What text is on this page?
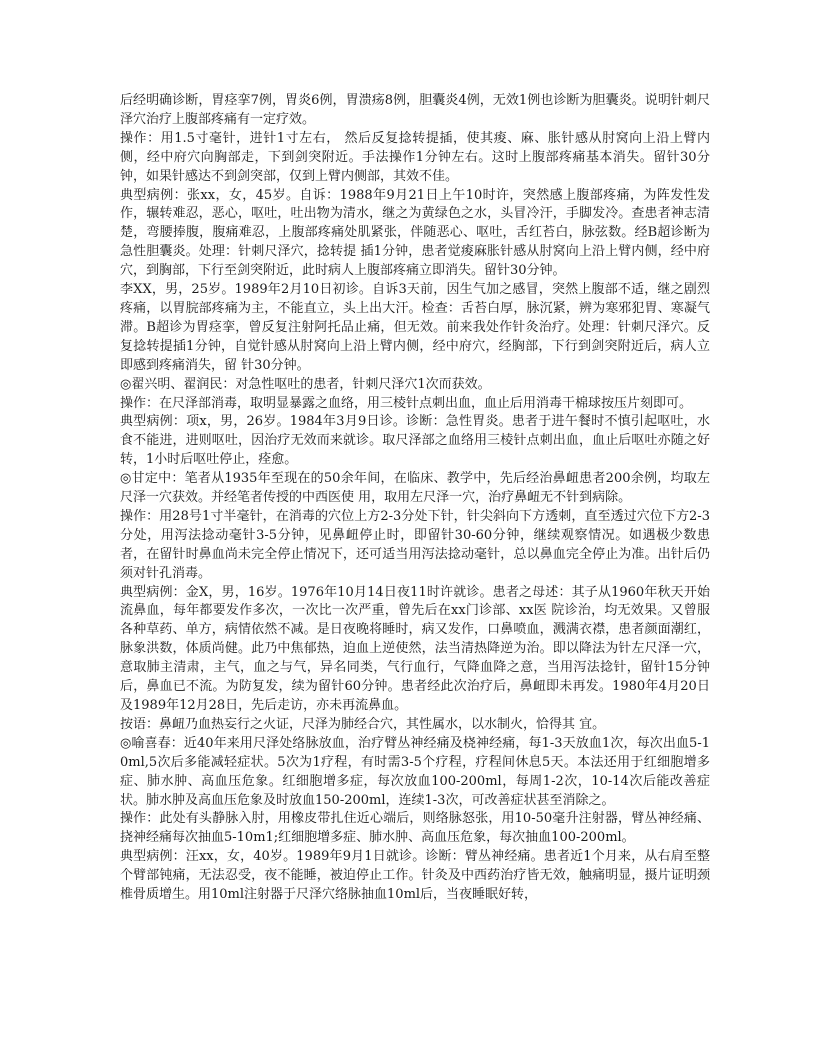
后经明确诊断，胃痉挛7例，胃炎6例，胃溃疡8例，胆囊炎4例，无效1例也诊断为胆囊炎。说明针刺尺泽穴治疗上腹部疼痛有一定疗效。

操作：用1.5寸毫针，进针1寸左右， 然后反复捻转提插，使其痠、麻、胀针感从肘窝向上沿上臂内侧，经中府穴向胸部走，下到剑突附近。手法操作1分钟左右。这时上腹部疼痛基本消失。留针30分钟，如果针感达不到剑突部，仅到上臂内侧部，其效不佳。

典型病例：张xx，女，45岁。自诉：1988年9月21日上午10时许，突然感上腹部疼痛，为阵发性发作，辗转难忍，恶心，呕吐，吐出物为清水，继之为黄绿色之水，头冒冷汗，手脚发冷。查患者神志清楚，弯腰捧腹，腹痛难忍，上腹部疼痛处肌紧张，伴随恶心、呕吐，舌红苔白，脉弦数。经B超诊断为急性胆囊炎。处理：针刺尺泽穴，捻转提 插1分钟，患者觉痠麻胀针感从肘窝向上沿上臂内侧，经中府穴，到胸部，下行至剑突附近，此时病人上腹部疼痛立即消失。留针30分钟。

李XX，男，25岁。1989年2月10日初诊。自诉3天前，因生气加之感冒，突然上腹部不适，继之剧烈疼痛，以胃脘部疼痛为主，不能直立，头上出大汗。检查：舌苔白厚，脉沉紧，辨为寒邪犯胃、寒凝气滞。B超诊为胃痉挛，曾反复注射阿托品止痛，但无效。前来我处作针灸治疗。处理：针刺尺泽穴。反复捻转提插1分钟，自觉针感从肘窝向上沿上臂内侧，经中府穴，经胸部，下行到剑突附近后，病人立即感到疼痛消失，留 针30分钟。

◎翟兴明、翟润民：对急性呕吐的患者，针刺尺泽穴1次而获效。

操作：在尺泽部消毒，取明显暴露之血络，用三棱针点刺出血，血止后用消毒干棉球按压片刻即可。

典型病例：项x，男，26岁。1984年3月9日诊。诊断：急性胃炎。患者于进午餐时不慎引起呕吐，水食不能进，进则呕吐，因治疗无效而来就诊。取尺泽部之血络用三棱针点刺出血，血止后呕吐亦随之好转，1小时后呕吐停止，痊愈。

◎甘定中：笔者从1935年至现在的50余年间，在临床、教学中，先后经治鼻衄患者200余例，均取左尺泽一穴获效。并经笔者传授的中西医使 用，取用左尺泽一穴，治疗鼻衄无不针到病除。

操作：用28号1寸半毫针，在消毒的穴位上方2-3分处下针，针尖斜向下方透刺，直至透过穴位下方2-3分处，用泻法捻动毫针3-5分钟，见鼻衄停止时，即留针30-60分钟，继续观察情况。如遇极少数患者，在留针时鼻血尚未完全停止情况下，还可适当用泻法捻动毫针，总以鼻血完全停止为准。出针后仍须对针孔消毒。

典型病例：金X，男，16岁。1976年10月14日夜11时许就诊。患者之母述：其子从1960年秋天开始流鼻血，每年都要发作多次，一次比一次严重，曾先后在xx门诊部、xx医 院诊治，均无效果。又曾服各种草药、单方，病情依然不减。是日夜晚将睡时，病又发作，口鼻喷血，溅满衣襟，患者颜面潮红，脉象洪数，体质尚健。此乃中焦郁热，迫血上逆使然，法当清热降逆为治。即以降法为针左尺泽一穴，意取肺主清肃，主气，血之与气，异名同类，气行血行，气降血降之意，当用泻法捻针，留针15分钟后，鼻血已不流。为防复发，续为留针60分钟。患者经此次治疗后，鼻衄即未再发。1980年4月20日及1989年12月28日，先后走访，亦未再流鼻血。

按语：鼻衄乃血热妄行之火证，尺泽为肺经合穴，其性属水，以水制火，恰得其 宜。

◎喻喜春：近40年来用尺泽处络脉放血，治疗臂丛神经痛及桡神经痛，每1-3天放血1次，每次出血5-10ml,5次后多能减轻症状。5次为1疗程，有时需3-5个疗程，疗程间休息5天。本法还用于红细胞增多症、肺水肿、高血压危象。红细胞增多症，每次放血100-200ml，每周1-2次，10-14次后能改善症状。肺水肿及高血压危象及时放血150-200ml，连续1-3次，可改善症状甚至消除之。

操作：此处有头静脉入肘，用橡皮带扎住近心端后，则络脉怒张，用10-50毫升注射器，臂丛神经痛、挠神经痛每次抽血5-10m1;红细胞增多症、肺水肿、高血压危象，每次抽血100-200ml。

典型病例：汪xx，女，40岁。1989年9月1日就诊。诊断：臂丛神经痛。患者近1个月来，从右肩至整个臂部钝痛，无法忍受，夜不能睡，被迫停止工作。针灸及中西药治疗皆无效，触痛明显，摄片证明颈椎骨质增生。用10ml注射器于尺泽穴络脉抽血10ml后，当夜睡眠好转，
